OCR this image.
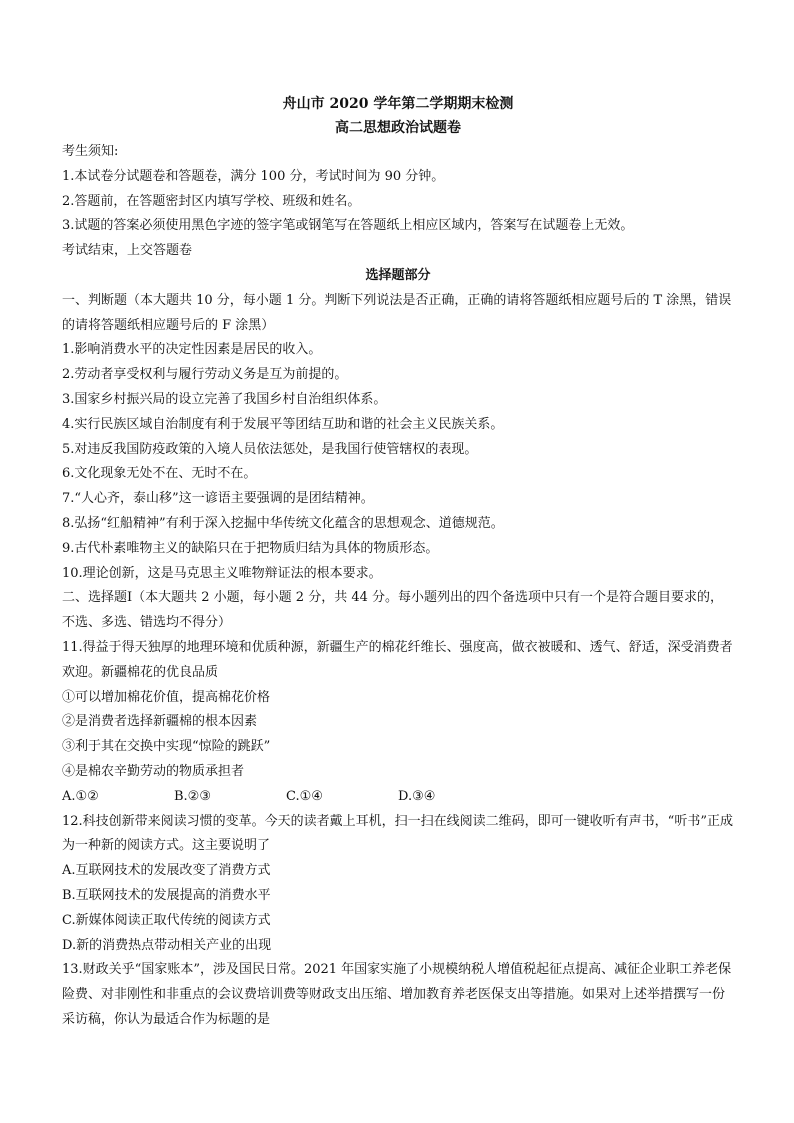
舟山市 2020 学年第二学期期末检测
高二思想政治试题卷
考生须知:
1.本试卷分试题卷和答题卷，满分 100 分，考试时间为 90 分钟。
2.答题前，在答题密封区内填写学校、班级和姓名。
3.试题的答案必须使用黑色字迹的签字笔或钢笔写在答题纸上相应区域内，答案写在试题卷上无效。
考试结束，上交答题卷
选择题部分
一、判断题（本大题共 10 分，每小题 1 分。判断下列说法是否正确，正确的请将答题纸相应题号后的 T 涂黑，错误的请将答题纸相应题号后的 F 涂黑）
1.影响消费水平的决定性因素是居民的收入。
2.劳动者享受权利与履行劳动义务是互为前提的。
3.国家乡村振兴局的设立完善了我国乡村自治组织体系。
4.实行民族区域自治制度有利于发展平等团结互助和谐的社会主义民族关系。
5.对违反我国防疫政策的入境人员依法惩处，是我国行使管辖权的表现。
6.文化现象无处不在、无时不在。
7.“人心齐，泰山移”这一谚语主要强调的是团结精神。
8.弘扬“红船精神”有利于深入挖掘中华传统文化蕴含的思想观念、道德规范。
9.古代朴素唯物主义的缺陷只在于把物质归结为具体的物质形态。
10.理论创新，这是马克思主义唯物辩证法的根本要求。
二、选择题Ⅰ（本大题共 2 小题，每小题 2 分，共 44 分。每小题列出的四个备选项中只有一个是符合题目要求的，不选、多选、错选均不得分）
11.得益于得天独厚的地理环境和优质种源，新疆生产的棉花纤维长、强度高，做衣被暖和、透气、舒适，深受消费者欢迎。新疆棉花的优良品质
①可以增加棉花价值，提高棉花价格
②是消费者选择新疆棉的根本因素
③利于其在交换中实现“惊险的跳跃”
④是棉农辛勤劳动的物质承担者
A.①②	B.②③	C.①④	D.③④
12.科技创新带来阅读习惯的变革。今天的读者戴上耳机，扫一扫在线阅读二维码，即可一键收听有声书，“听书”正成为一种新的阅读方式。这主要说明了
A.互联网技术的发展改变了消费方式
B.互联网技术的发展提高的消费水平
C.新媒体阅读正取代传统的阅读方式
D.新的消费热点带动相关产业的出现
13.财政关乎“国家账本”，涉及国民日常。2021 年国家实施了小规模纳税人增值税起征点提高、减征企业职工养老保险费、对非刚性和非重点的会议费培训费等财政支出压缩、增加教育养老医保支出等措施。如果对上述举措撰写一份采访稿，你认为最适合作为标题的是
